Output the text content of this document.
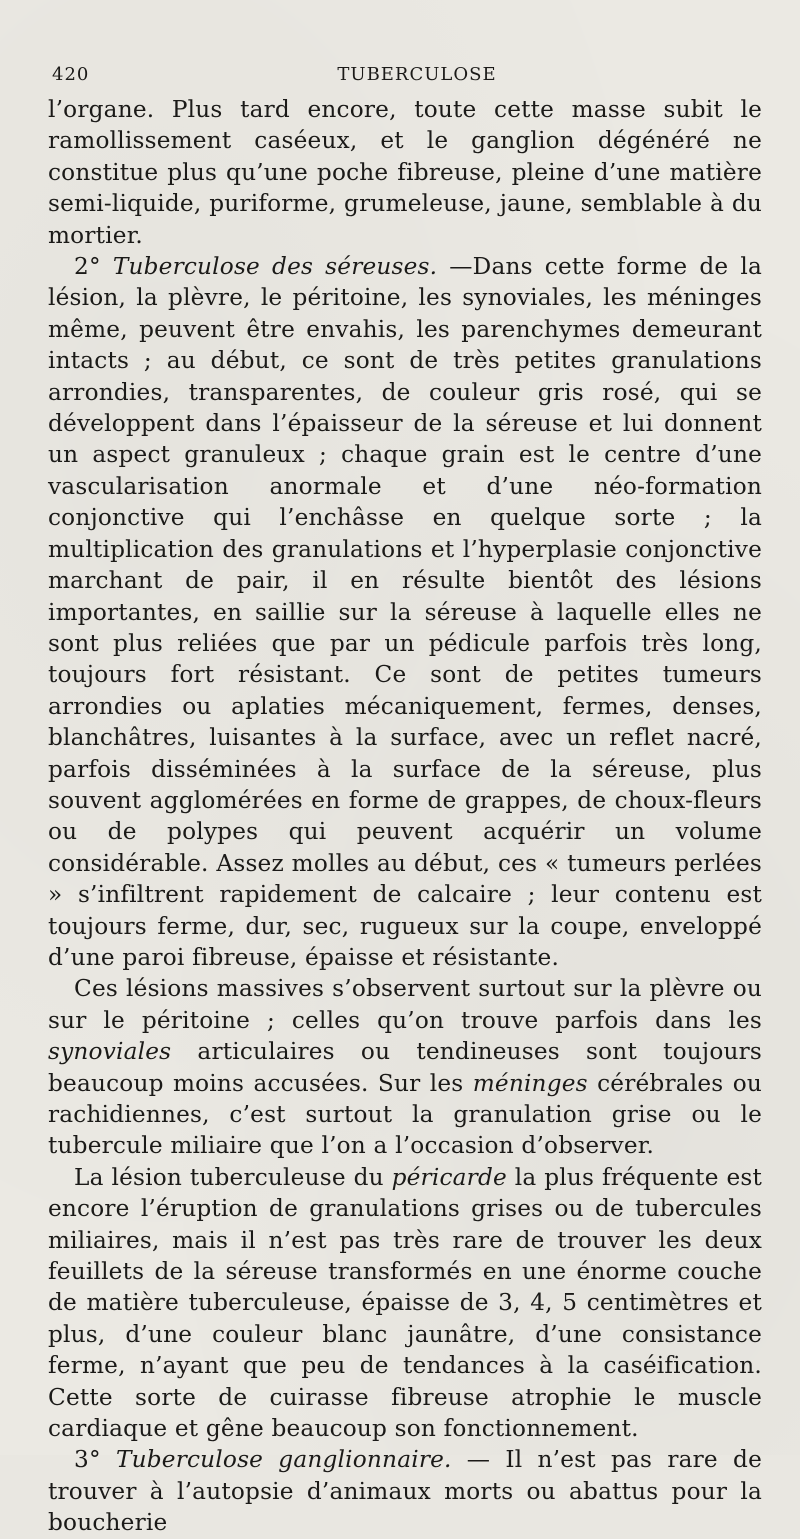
420	TUBERCULOSE

l’organe. Plus tard encore, toute cette masse subit le ramollissement caséeux, et le ganglion dégénéré ne constitue plus qu’une poche fibreuse, pleine d’une matière semi-liquide, puriforme, grumeleuse, jaune, semblable à du mortier.

2° Tuberculose des séreuses. —Dans cette forme de la lésion, la plèvre, le péritoine, les synoviales, les méninges même, peuvent être envahis, les parenchymes demeurant intacts ; au début, ce sont de très petites granulations arrondies, transparentes, de couleur gris rosé, qui se développent dans l’épaisseur de la séreuse et lui donnent un aspect granuleux ; chaque grain est le centre d’une vascularisation anormale et d’une néo-formation conjonctive qui l’enchâsse en quelque sorte ; la multiplication des granulations et l’hyperplasie conjonctive marchant de pair, il en résulte bientôt des lésions importantes, en saillie sur la séreuse à laquelle elles ne sont plus reliées que par un pédicule parfois très long, toujours fort résistant. Ce sont de petites tumeurs arrondies ou aplaties mécaniquement, fermes, denses, blanchâtres, luisantes à la surface, avec un reflet nacré, parfois disséminées à la surface de la séreuse, plus souvent agglomérées en forme de grappes, de choux-fleurs ou de polypes qui peuvent acquérir un volume considérable. Assez molles au début, ces « tumeurs perlées » s’infiltrent rapidement de calcaire ; leur contenu est toujours ferme, dur, sec, rugueux sur la coupe, enveloppé d’une paroi fibreuse, épaisse et résistante.

Ces lésions massives s’observent surtout sur la plèvre ou sur le péritoine ; celles qu’on trouve parfois dans les synoviales articulaires ou tendineuses sont toujours beaucoup moins accusées. Sur les méninges cérébrales ou rachidiennes, c’est surtout la granulation grise ou le tubercule miliaire que l’on a l’occasion d’observer.

La lésion tuberculeuse du péricarde la plus fréquente est encore l’éruption de granulations grises ou de tubercules miliaires, mais il n’est pas très rare de trouver les deux feuillets de la séreuse transformés en une énorme couche de matière tuberculeuse, épaisse de 3, 4, 5 centimètres et plus, d’une couleur blanc jaunâtre, d’une consistance ferme, n’ayant que peu de tendances à la caséification. Cette sorte de cuirasse fibreuse atrophie le muscle cardiaque et gêne beaucoup son fonctionnement.

3° Tuberculose ganglionnaire. — Il n’est pas rare de trouver à l’autopsie d’animaux morts ou abattus pour la boucherie
